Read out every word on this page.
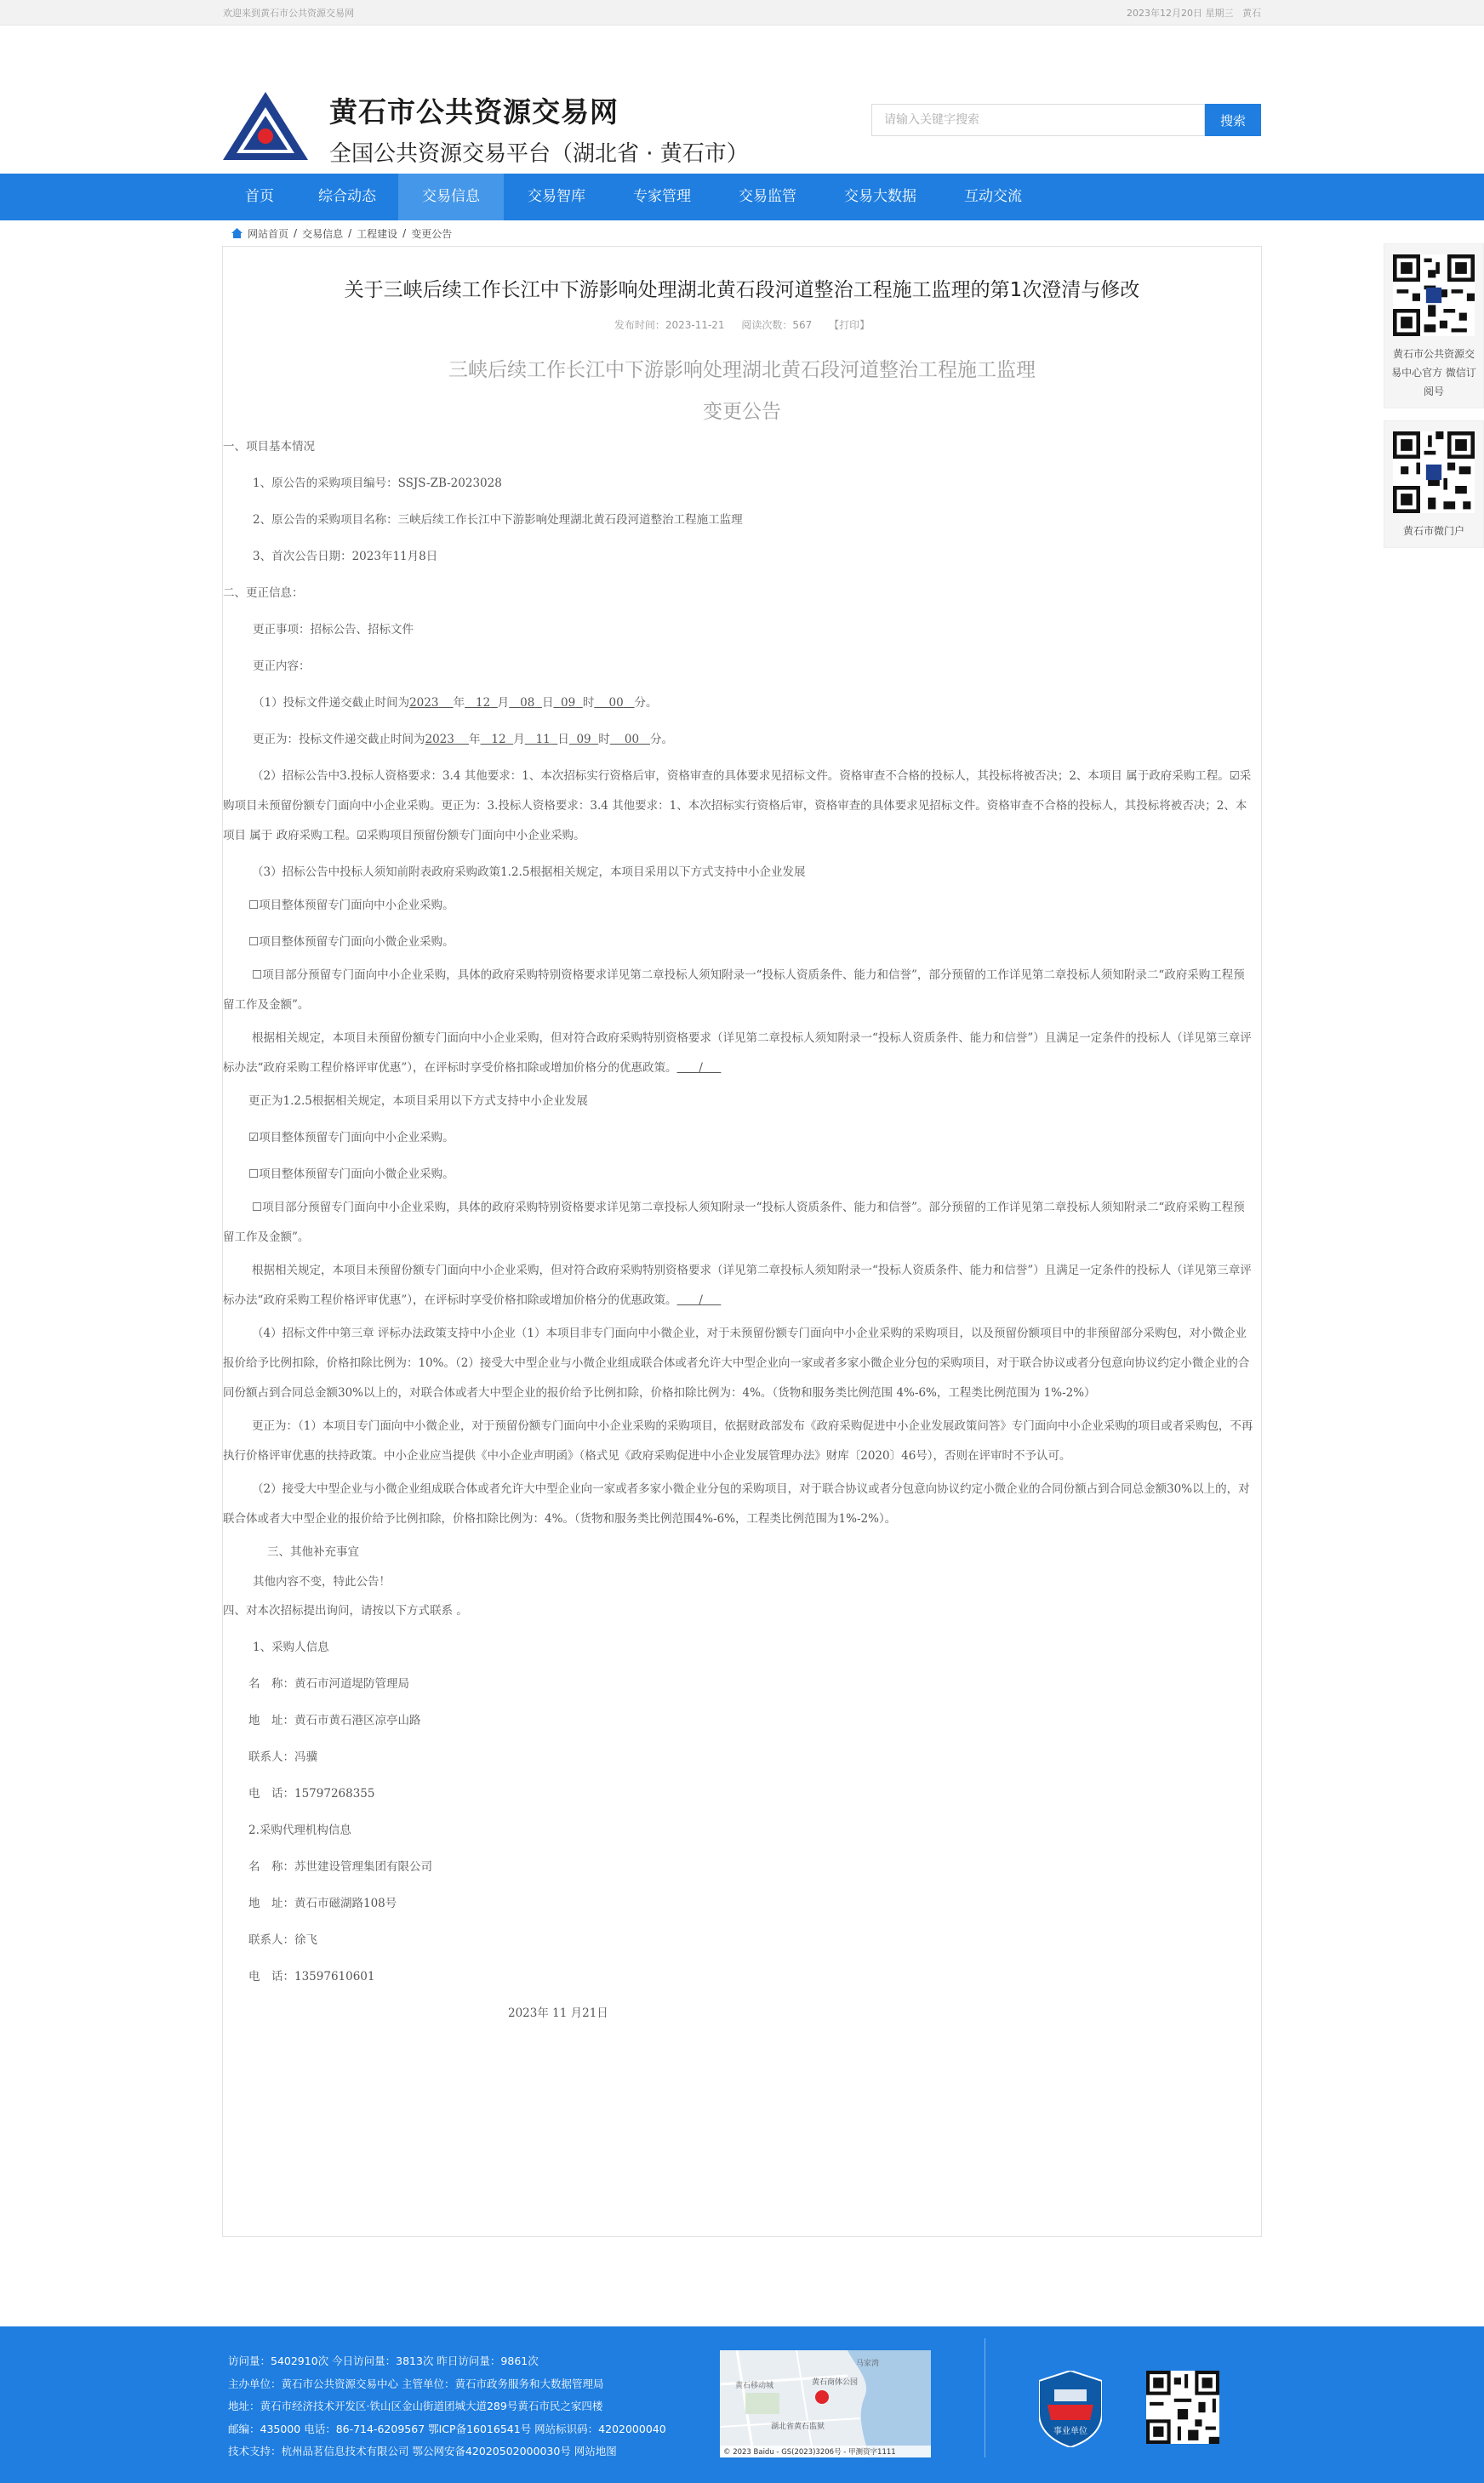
欢迎来到黄石市公共资源交易网	2023年12月20日 星期三 黄石
黄石市公共资源交易网
全国公共资源交易平台（湖北省 · 黄石市）
请输入关键字搜索
搜索
首页	综合动态	交易信息	交易智库	专家管理	交易监管	交易大数据	互动交流
网站首页 / 交易信息 / 工程建设 / 变更公告
关于三峡后续工作长江中下游影响处理湖北黄石段河道整治工程施工监理的第1次澄清与修改
发布时间：2023-11-21 阅读次数：567 【打印】
三峡后续工作长江中下游影响处理湖北黄石段河道整治工程施工监理
变更公告

一、项目基本情况

1、原公告的采购项目编号：SSJS-ZB-2023028

2、原公告的采购项目名称：三峡后续工作长江中下游影响处理湖北黄石段河道整治工程施工监理

3、首次公告日期：2023年11月8日

二、更正信息：

更正事项：招标公告、招标文件

更正内容：

（1）投标文件递交截止时间为2023 年 12 月 08 日 09 时 00 分。

更正为：投标文件递交截止时间为2023 年 12 月 11 日 09 时 00 分。

（2）招标公告中3.投标人资格要求：3.4 其他要求：1、本次招标实行资格后审，资格审查的具体要求见招标文件。资格审查不合格的投标人，其投标将被否决；2、本项目 属于政府采购工程。☑采购项目未预留份额专门面向中小企业采购。更正为：3.投标人资格要求：3.4 其他要求：1、本次招标实行资格后审，资格审查的具体要求见招标文件。资格审查不合格的投标人，其投标将被否决；2、本项目 属于 政府采购工程。☑采购项目预留份额专门面向中小企业采购。

（3）招标公告中投标人须知前附表政府采购政策1.2.5根据相关规定，本项目采用以下方式支持中小企业发展

☐项目整体预留专门面向中小企业采购。

☐项目整体预留专门面向小微企业采购。

☐项目部分预留专门面向中小企业采购，具体的政府采购特别资格要求详见第二章投标人须知附录一“投标人资质条件、能力和信誉”，部分预留的工作详见第二章投标人须知附录二“政府采购工程预留工作及金额”。

根据相关规定，本项目未预留份额专门面向中小企业采购，但对符合政府采购特别资格要求（详见第二章投标人须知附录一“投标人资质条件、能力和信誉”）且满足一定条件的投标人（详见第三章评标办法“政府采购工程价格评审优惠”），在评标时享受价格扣除或增加价格分的优惠政策。 /

更正为1.2.5根据相关规定，本项目采用以下方式支持中小企业发展

☑项目整体预留专门面向中小企业采购。

☐项目整体预留专门面向小微企业采购。

☐项目部分预留专门面向中小企业采购，具体的政府采购特别资格要求详见第二章投标人须知附录一“投标人资质条件、能力和信誉”。部分预留的工作详见第二章投标人须知附录二“政府采购工程预留工作及金额”。

根据相关规定，本项目未预留份额专门面向中小企业采购，但对符合政府采购特别资格要求（详见第二章投标人须知附录一“投标人资质条件、能力和信誉”）且满足一定条件的投标人（详见第三章评标办法“政府采购工程价格评审优惠”），在评标时享受价格扣除或增加价格分的优惠政策。 /

（4）招标文件中第三章 评标办法政策支持中小企业（1）本项目非专门面向中小微企业，对于未预留份额专门面向中小企业采购的采购项目，以及预留份额项目中的非预留部分采购包，对小微企业报价给予比例扣除，价格扣除比例为：10%。（2）接受大中型企业与小微企业组成联合体或者允许大中型企业向一家或者多家小微企业分包的采购项目，对于联合协议或者分包意向协议约定小微企业的合同份额占到合同总金额30%以上的，对联合体或者大中型企业的报价给予比例扣除，价格扣除比例为：4%。（货物和服务类比例范围 4%-6%，工程类比例范围为 1%-2%）

更正为：（1）本项目专门面向中小微企业，对于预留份额专门面向中小企业采购的采购项目，依据财政部发布《政府采购促进中小企业发展政策问答》专门面向中小企业采购的项目或者采购包，不再执行价格评审优惠的扶持政策。中小企业应当提供《中小企业声明函》（格式见《政府采购促进中小企业发展管理办法》财库〔2020〕46号），否则在评审时不予认可。

（2）接受大中型企业与小微企业组成联合体或者允许大中型企业向一家或者多家小微企业分包的采购项目，对于联合协议或者分包意向协议约定小微企业的合同份额占到合同总金额30%以上的，对联合体或者大中型企业的报价给予比例扣除，价格扣除比例为：4%。（货物和服务类比例范围4%-6%，工程类比例范围为1%-2%）。

三、其他补充事宜

其他内容不变，特此公告！

四、对本次招标提出询问，请按以下方式联系 。

1、采购人信息

名　称：黄石市河道堤防管理局

地　址：黄石市黄石港区凉亭山路

联系人：冯骥

电　话：15797268355

2.采购代理机构信息

名　称：苏世建设管理集团有限公司

地　址：黄石市磁湖路108号

联系人：徐飞

电　话：13597610601

2023年 11 月21日

黄石市公共资源交易中心官方 微信订阅号
黄石市微门户
访问量：5402910次 今日访问量：3813次 昨日访问量：9861次
主办单位：黄石市公共资源交易中心 主管单位：黄石市政务服务和大数据管理局
地址：黄石市经济技术开发区·铁山区金山街道团城大道289号黄石市民之家四楼
邮编：435000 电话：86-714-6209567 鄂ICP备16016541号 网站标识码：4202000040
技术支持：杭州品茗信息技术有限公司 鄂公网安备42020502000030号 网站地图
马家湾
黄石移动城	黄石商体公园
湖北省黄石监狱
© 2023 Baidu - GS(2023)3206号 - 甲测资字1111
事业单位
